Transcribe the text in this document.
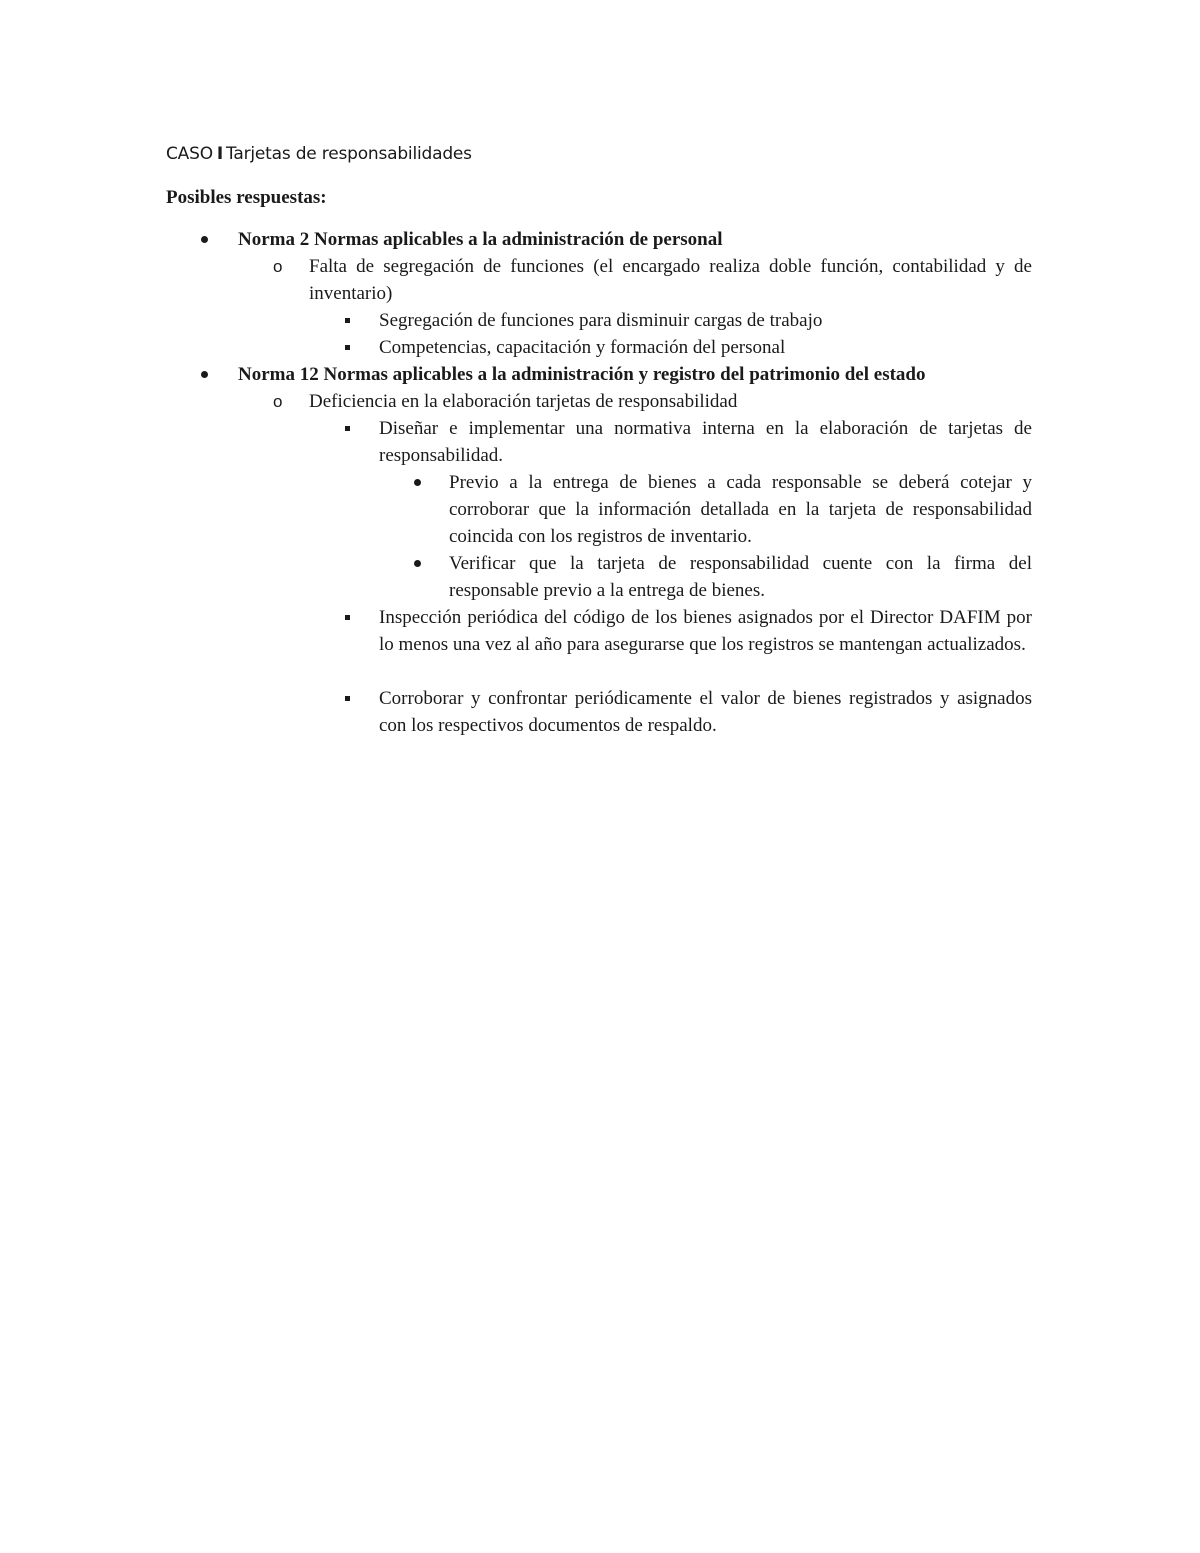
CASO I Tarjetas de responsabilidades
Posibles respuestas:
Norma 2 Normas aplicables a la administración de personal
o Falta de segregación de funciones (el encargado realiza doble función, contabilidad y de inventario)
Segregación de funciones para disminuir cargas de trabajo
Competencias, capacitación y formación del personal
Norma 12 Normas aplicables a la administración y registro del patrimonio del estado
o Deficiencia en la elaboración tarjetas de responsabilidad
Diseñar e implementar una normativa interna en la elaboración de tarjetas de responsabilidad.
Previo a la entrega de bienes a cada responsable se deberá cotejar y corroborar que la información detallada en la tarjeta de responsabilidad coincida con los registros de inventario.
Verificar que la tarjeta de responsabilidad cuente con la firma del responsable previo a la entrega de bienes.
Inspección periódica del código de los bienes asignados por el Director DAFIM por lo menos una vez al año para asegurarse que los registros se mantengan actualizados.
Corroborar y confrontar periódicamente el valor de bienes registrados y asignados con los respectivos documentos de respaldo.
